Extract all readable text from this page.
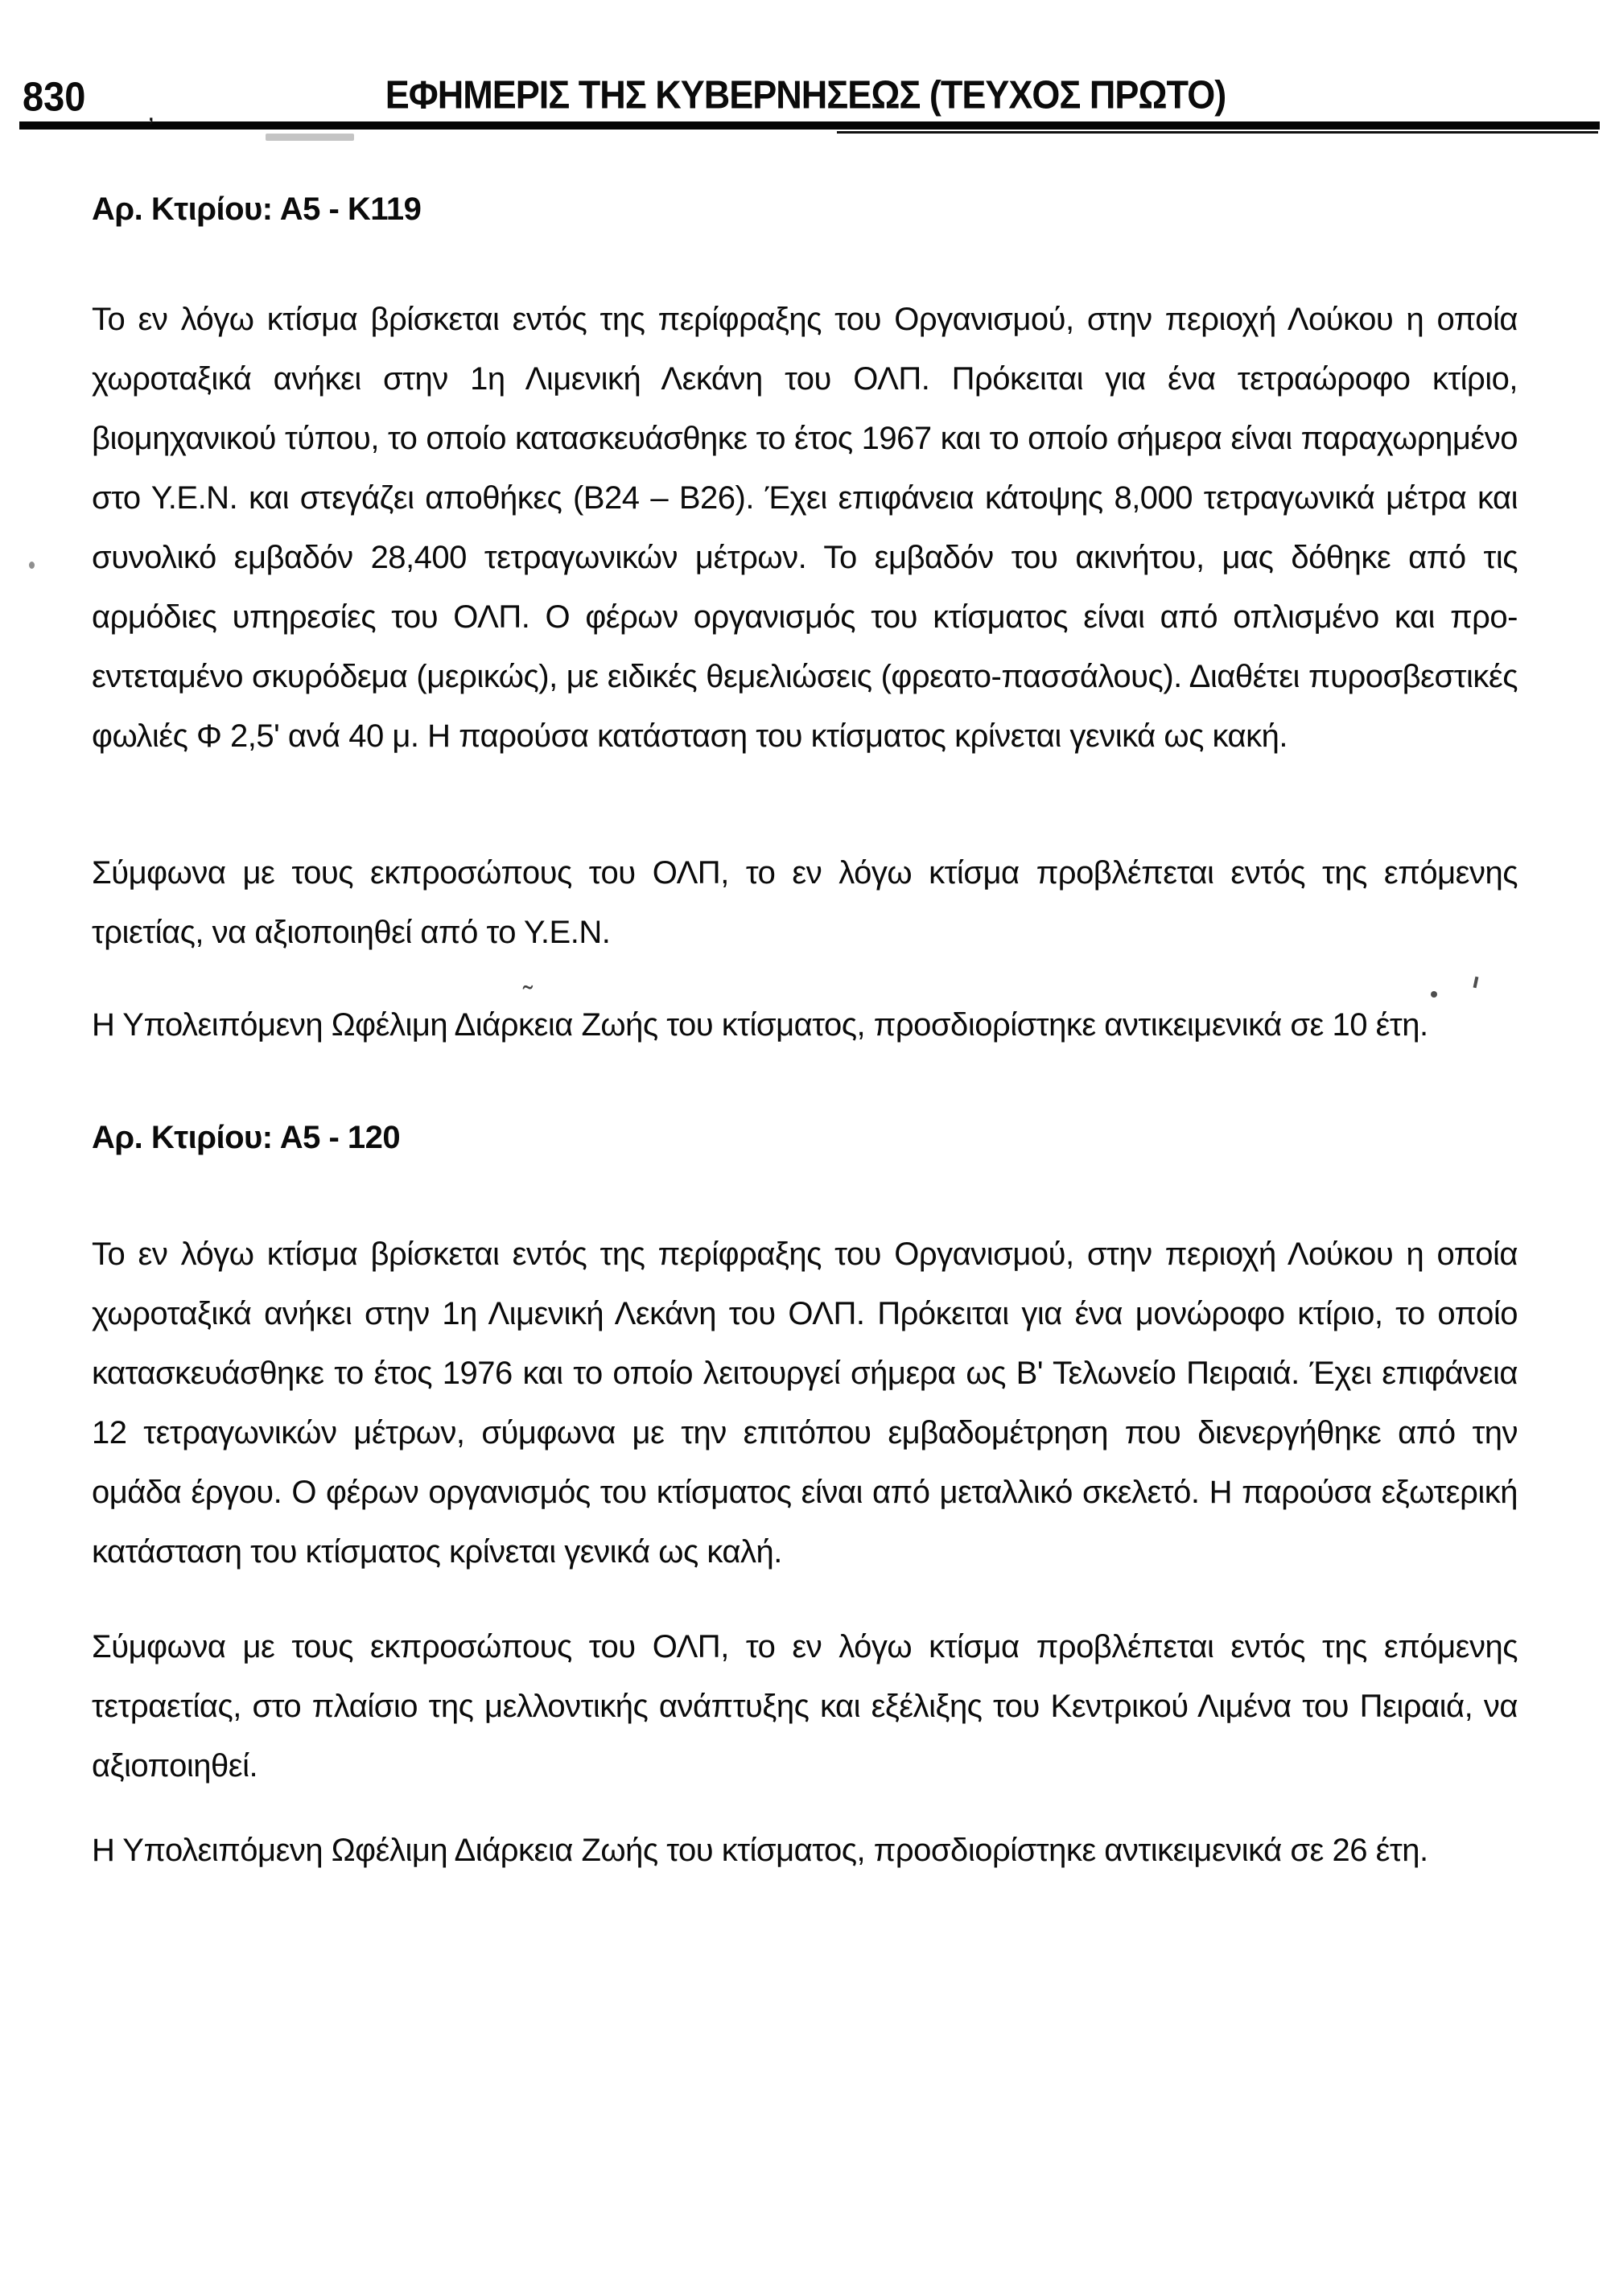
830	ΕΦΗΜΕΡΙΣ ΤΗΣ ΚΥΒΕΡΝΗΣΕΩΣ (ΤΕΥΧΟΣ ΠΡΩΤΟ)
Αρ. Κτιρίου: Α5 - Κ119
Το εν λόγω κτίσμα βρίσκεται εντός της περίφραξης του Οργανισμού, στην περιοχή Λούκου η οποία χωροταξικά ανήκει στην 1η Λιμενική Λεκάνη του ΟΛΠ. Πρόκειται για ένα τετραώροφο κτίριο, βιομηχανικού τύπου, το οποίο κατασκευάσθηκε το έτος 1967 και το οποίο σήμερα είναι παραχωρημένο στο Υ.Ε.Ν. και στεγάζει αποθήκες (Β24 – Β26). Έχει επιφάνεια κάτοψης 8,000 τετραγωνικά μέτρα και συνολικό εμβαδόν 28,400 τετραγωνικών μέτρων. Το εμβαδόν του ακινήτου, μας δόθηκε από τις αρμόδιες υπηρεσίες του ΟΛΠ. Ο φέρων οργανισμός του κτίσματος είναι από οπλισμένο και προ-εντεταμένο σκυρόδεμα (μερικώς), με ειδικές θεμελιώσεις (φρεατο-πασσάλους). Διαθέτει πυροσβεστικές φωλιές Φ 2,5' ανά 40 μ. Η παρούσα κατάσταση του κτίσματος κρίνεται γενικά ως κακή.
Σύμφωνα με τους εκπροσώπους του ΟΛΠ, το εν λόγω κτίσμα προβλέπεται εντός της επόμενης τριετίας, να αξιοποιηθεί από το Υ.Ε.Ν.
Η Υπολειπόμενη Ωφέλιμη Διάρκεια Ζωής του κτίσματος, προσδιορίστηκε αντικειμενικά σε 10 έτη.
Αρ. Κτιρίου: Α5 - 120
Το εν λόγω κτίσμα βρίσκεται εντός της περίφραξης του Οργανισμού, στην περιοχή Λούκου η οποία χωροταξικά ανήκει στην 1η Λιμενική Λεκάνη του ΟΛΠ. Πρόκειται για ένα μονώροφο κτίριο, το οποίο κατασκευάσθηκε το έτος 1976 και το οποίο λειτουργεί σήμερα ως Β' Τελωνείο Πειραιά. Έχει επιφάνεια 12 τετραγωνικών μέτρων, σύμφωνα με την επιτόπου εμβαδομέτρηση που διενεργήθηκε από την ομάδα έργου. Ο φέρων οργανισμός του κτίσματος είναι από μεταλλικό σκελετό. Η παρούσα εξωτερική κατάσταση του κτίσματος κρίνεται γενικά ως καλή.
Σύμφωνα με τους εκπροσώπους του ΟΛΠ, το εν λόγω κτίσμα προβλέπεται εντός της επόμενης τετραετίας, στο πλαίσιο της μελλοντικής ανάπτυξης και εξέλιξης του Κεντρικού Λιμένα του Πειραιά, να αξιοποιηθεί.
Η Υπολειπόμενη Ωφέλιμη Διάρκεια Ζωής του κτίσματος, προσδιορίστηκε αντικειμενικά σε 26 έτη.
,
˜
